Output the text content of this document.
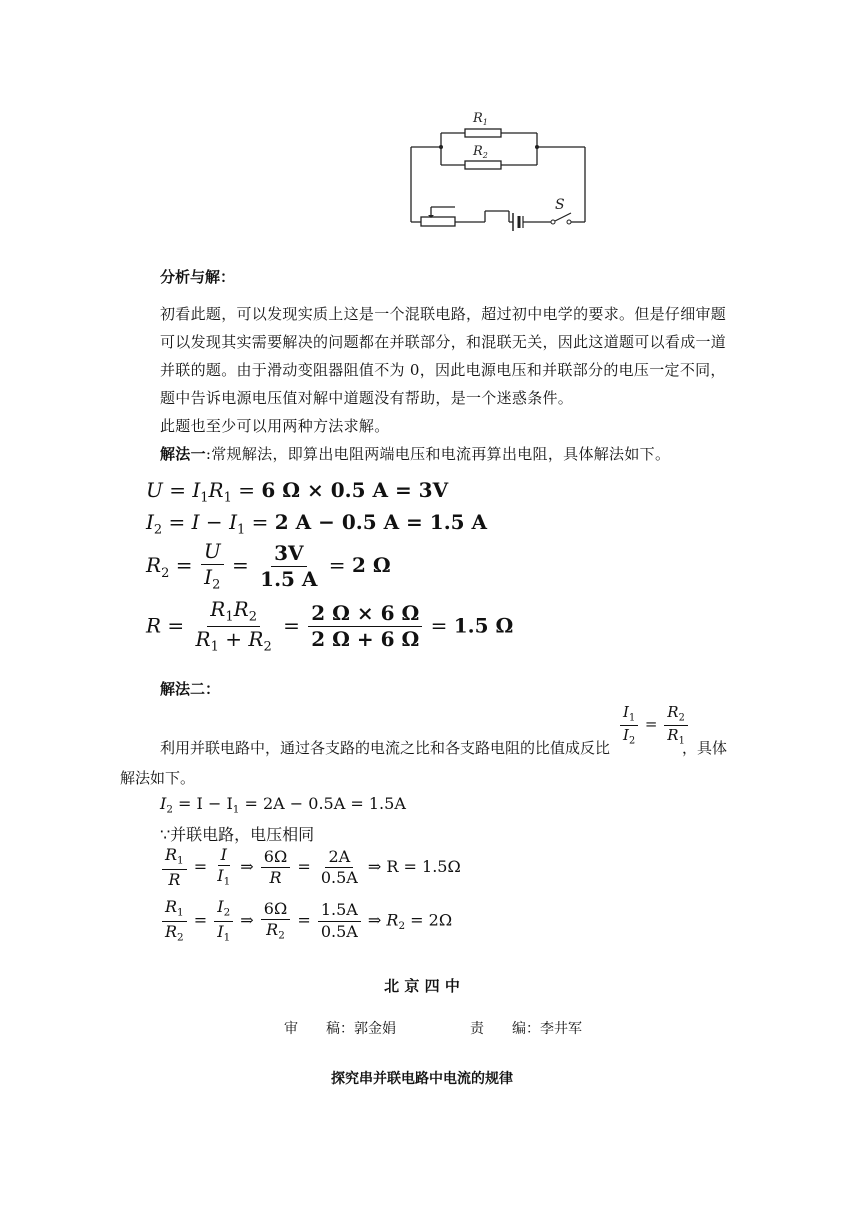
$R_1$
$R_2$
S
分析与解：
初看此题，可以发现实质上这是一个混联电路，超过初中电学的要求。但是仔细审题可以发现其实需要解决的问题都在并联部分，和混联无关，因此这道题可以看成一道并联的题。由于滑动变阻器阻值不为 0，因此电源电压和并联部分的电压一定不同，题中告诉电源电压值对解中道题没有帮助，是一个迷惑条件。
此题也至少可以用两种方法求解。
解法一:常规解法，即算出电阻两端电压和电流再算出电阻，具体解法如下。
$U = I_1R_1 = 6$ Ω × 0.5 A = 3V
$I_2 = I - I_1 = 2$ A − 0.5 A = 1.5 A
$R_2 = \frac{U}{I_2} = \frac{3V}{1.5 A} = 2$ Ω
$R = \frac{R_1R_2}{R_1 + R_2} = \frac{2 \Omega \times 6 \Omega}{2 \Omega + 6 \Omega} = 1.5$ Ω
解法二：
$\frac{I_1}{I_2} = \frac{R_2}{R_1}$
利用并联电路中，通过各支路的电流之比和各支路电阻的比值成反比	，具体
解法如下。
$I_2 = I - I_1 = 2A - 0.5A = 1.5A$
∵并联电路，电压相同
$\frac{R_1}{R} = \frac{I}{I_1}$ ⇒ $\frac{6\Omega}{R} = \frac{2A}{0.5A}$ ⇒ R = 1.5Ω
$\frac{R_1}{R_2} = \frac{I_2}{I_1}$ ⇒ $\frac{6\Omega}{R_2} = \frac{1.5A}{0.5A}$ ⇒ $R_2 = 2\Omega$
北 京 四 中
审　　稿：郭金娟	责　　编：李井军
探究串并联电路中电流的规律
